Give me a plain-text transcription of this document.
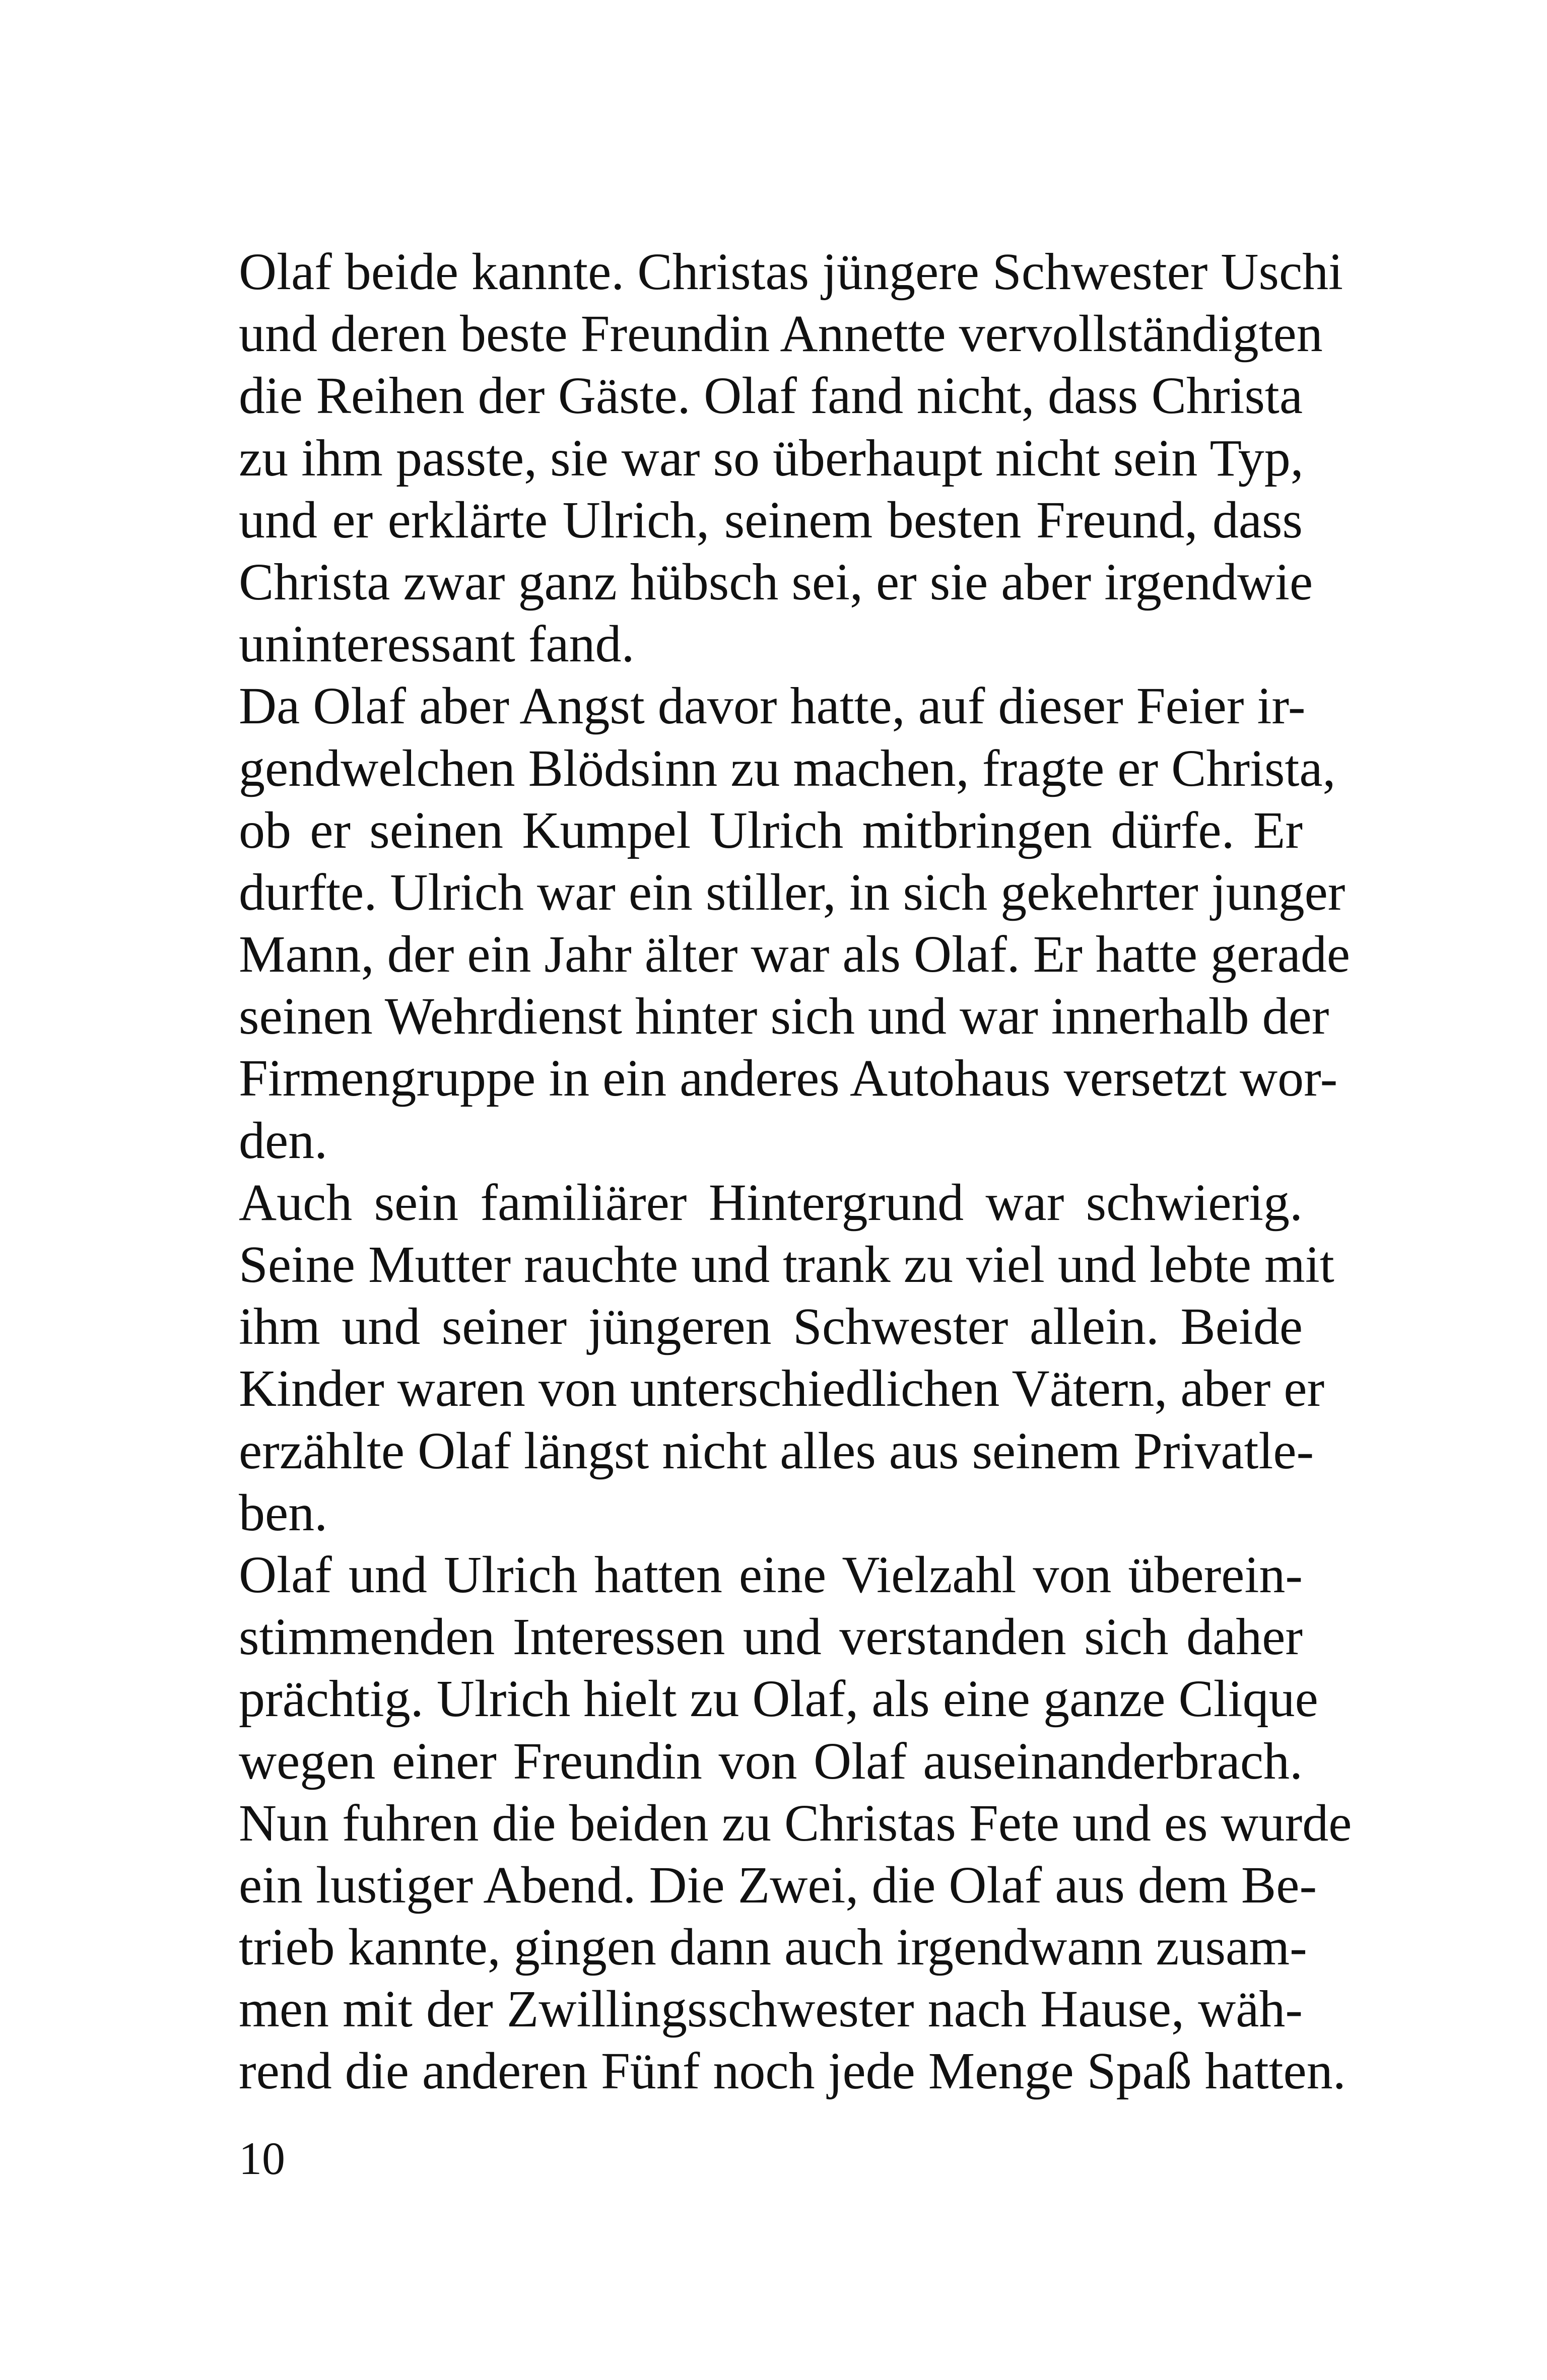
Olaf beide kannte. Christas jüngere Schwester Uschi
und deren beste Freundin Annette vervollständigten
die Reihen der Gäste. Olaf fand nicht, dass Christa
zu ihm passte, sie war so überhaupt nicht sein Typ,
und er erklärte Ulrich, seinem besten Freund, dass
Christa zwar ganz hübsch sei, er sie aber irgendwie
uninteressant fand.
Da Olaf aber Angst davor hatte, auf dieser Feier ir-
gendwelchen Blödsinn zu machen, fragte er Christa,
ob er seinen Kumpel Ulrich mitbringen dürfe. Er
durfte. Ulrich war ein stiller, in sich gekehrter junger
Mann, der ein Jahr älter war als Olaf. Er hatte gerade
seinen Wehrdienst hinter sich und war innerhalb der
Firmengruppe in ein anderes Autohaus versetzt wor-
den.
Auch sein familiärer Hintergrund war schwierig.
Seine Mutter rauchte und trank zu viel und lebte mit
ihm und seiner jüngeren Schwester allein. Beide
Kinder waren von unterschiedlichen Vätern, aber er
erzählte Olaf längst nicht alles aus seinem Privatle-
ben.
Olaf und Ulrich hatten eine Vielzahl von überein-
stimmenden Interessen und verstanden sich daher
prächtig. Ulrich hielt zu Olaf, als eine ganze Clique
wegen einer Freundin von Olaf auseinanderbrach.
Nun fuhren die beiden zu Christas Fete und es wurde
ein lustiger Abend. Die Zwei, die Olaf aus dem Be-
trieb kannte, gingen dann auch irgendwann zusam-
men mit der Zwillingsschwester nach Hause, wäh-
rend die anderen Fünf noch jede Menge Spaß hatten.
10
